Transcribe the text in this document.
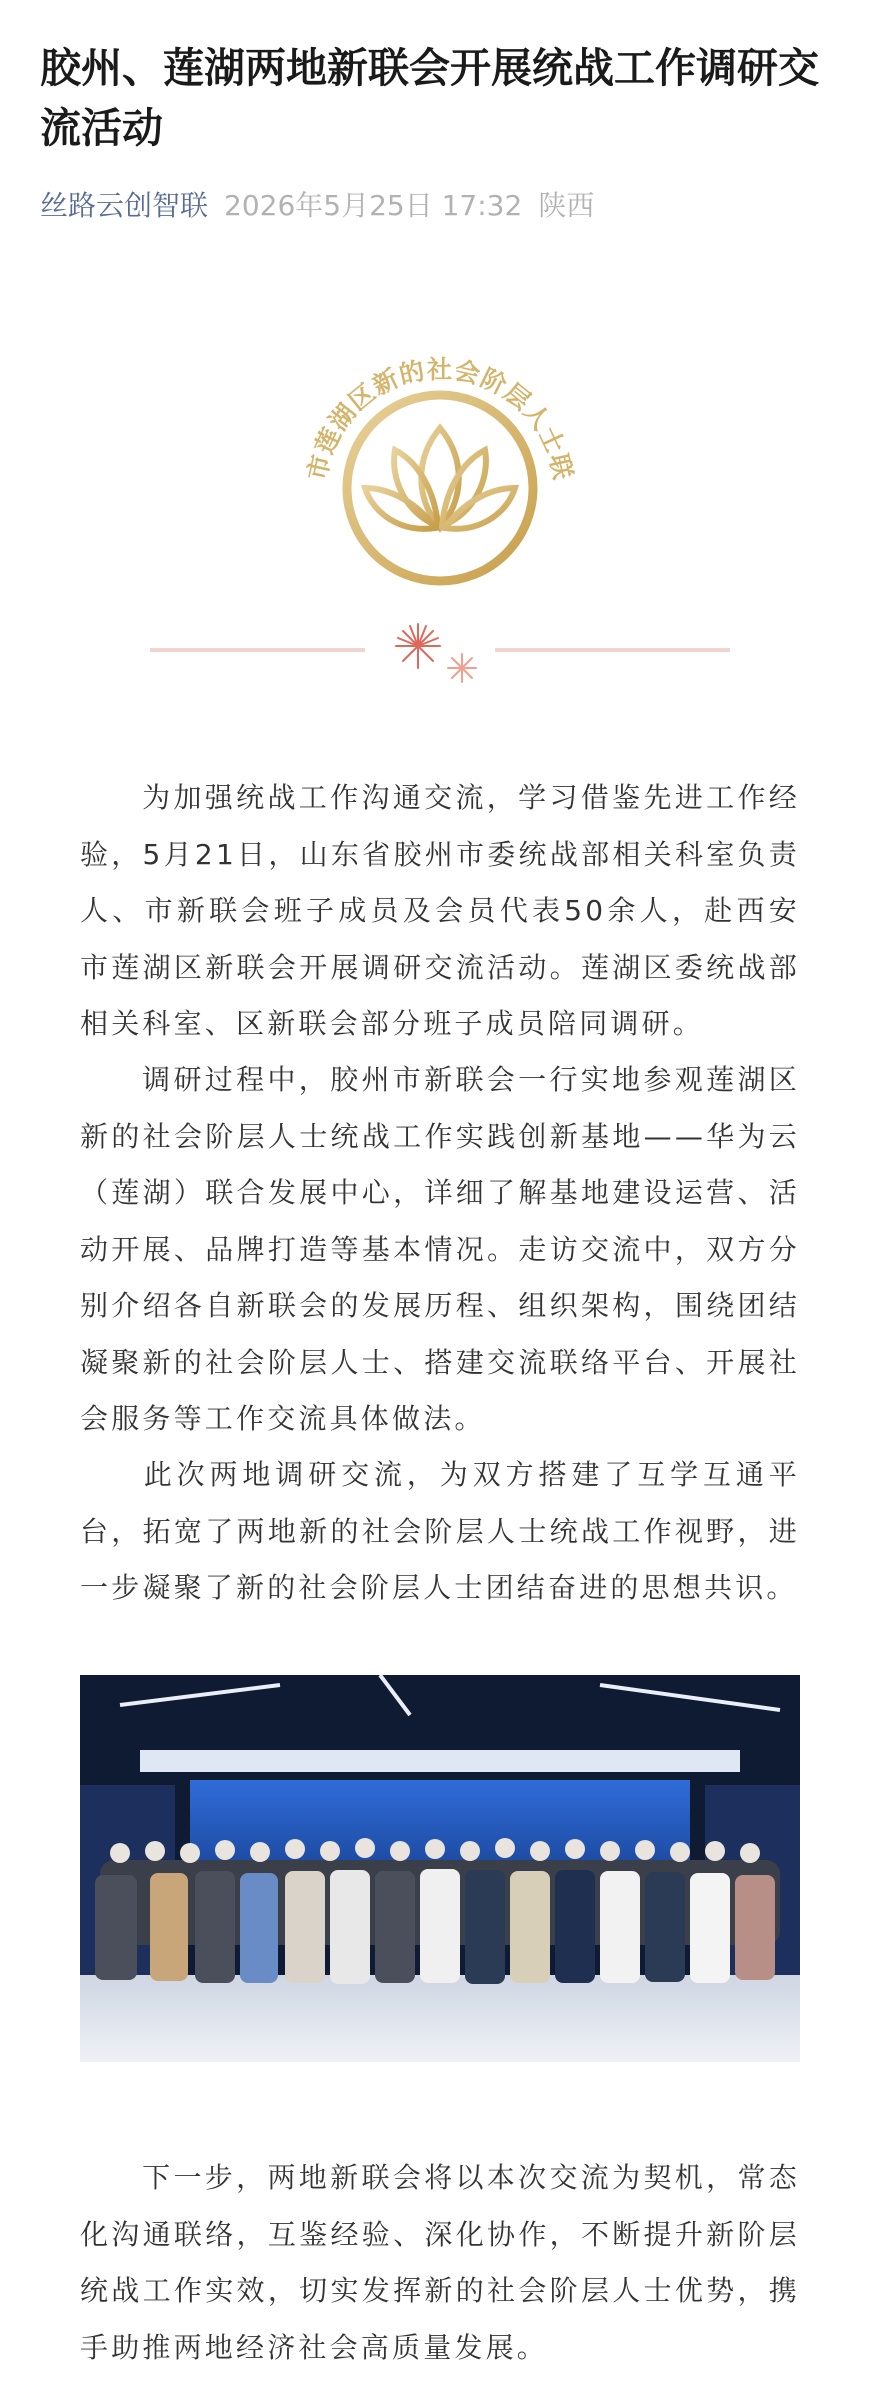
胶州、莲湖两地新联会开展统战工作调研交流活动
丝路云创智联 2026年5月25日 17:32 陕西
市莲湖区新的社会阶层人士联

为加强统战工作沟通交流，学习借鉴先进工作经验，5月21日，山东省胶州市委统战部相关科室负责人、市新联会班子成员及会员代表50余人，赴西安市莲湖区新联会开展调研交流活动。莲湖区委统战部相关科室、区新联会部分班子成员陪同调研。

调研过程中，胶州市新联会一行实地参观莲湖区新的社会阶层人士统战工作实践创新基地——华为云（莲湖）联合发展中心，详细了解基地建设运营、活动开展、品牌打造等基本情况。走访交流中，双方分别介绍各自新联会的发展历程、组织架构，围绕团结凝聚新的社会阶层人士、搭建交流联络平台、开展社会服务等工作交流具体做法。

此次两地调研交流，为双方搭建了互学互通平台，拓宽了两地新的社会阶层人士统战工作视野，进一步凝聚了新的社会阶层人士团结奋进的思想共识。

下一步，两地新联会将以本次交流为契机，常态化沟通联络，互鉴经验、深化协作，不断提升新阶层统战工作实效，切实发挥新的社会阶层人士优势，携手助推两地经济社会高质量发展。
